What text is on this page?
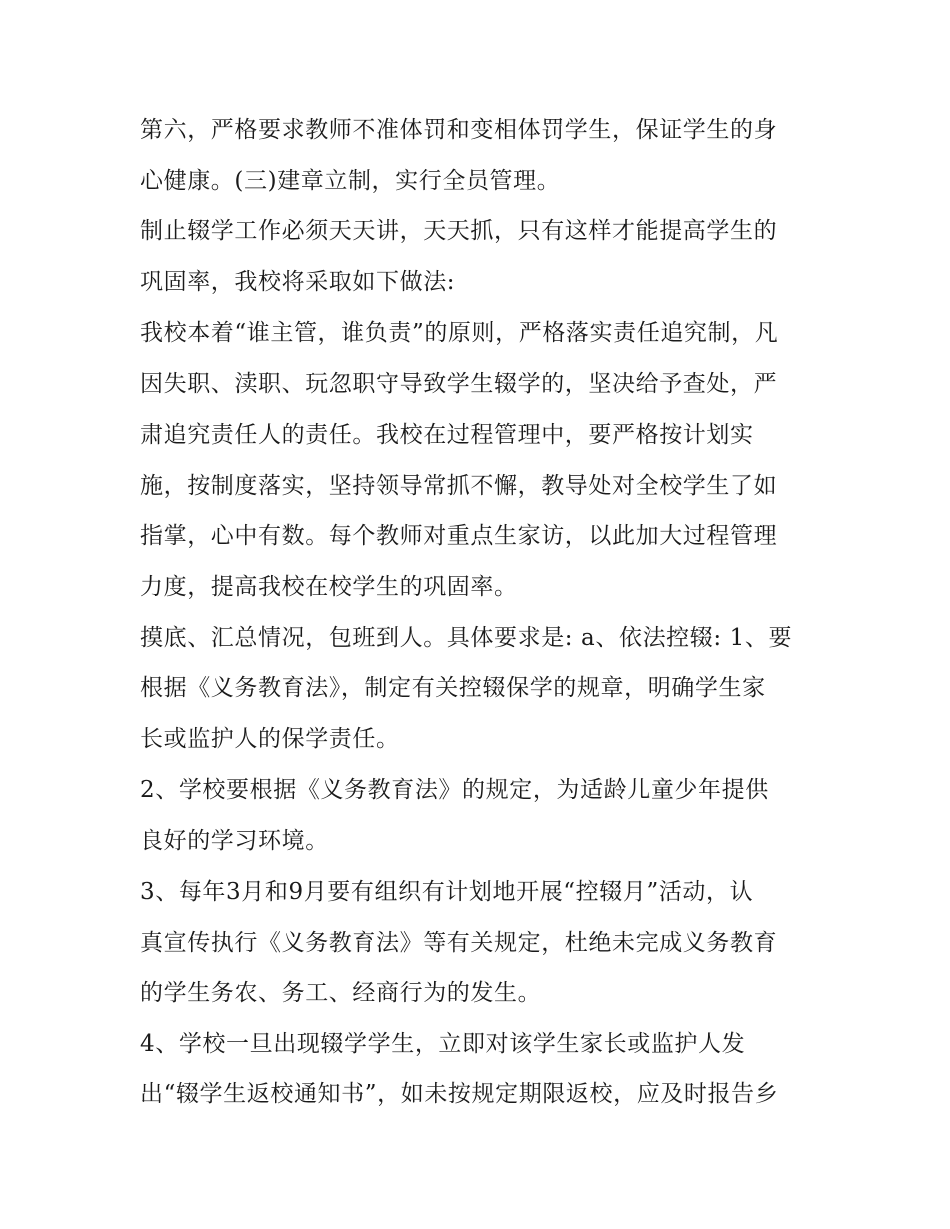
第六，严格要求教师不准体罚和变相体罚学生，保证学生的身
心健康。(三)建章立制，实行全员管理。
制止辍学工作必须天天讲，天天抓，只有这样才能提高学生的
巩固率，我校将采取如下做法:
我校本着“谁主管，谁负责”的原则，严格落实责任追究制，凡
因失职、渎职、玩忽职守导致学生辍学的，坚决给予查处，严
肃追究责任人的责任。我校在过程管理中，要严格按计划实
施，按制度落实，坚持领导常抓不懈，教导处对全校学生了如
指掌，心中有数。每个教师对重点生家访，以此加大过程管理
力度，提高我校在校学生的巩固率。
摸底、汇总情况，包班到人。具体要求是: a、依法控辍: 1、要
根据《义务教育法》，制定有关控辍保学的规章，明确学生家
长或监护人的保学责任。
2、学校要根据《义务教育法》的规定，为适龄儿童少年提供
良好的学习环境。
3、每年3月和9月要有组织有计划地开展“控辍月”活动，认
真宣传执行《义务教育法》等有关规定，杜绝未完成义务教育
的学生务农、务工、经商行为的发生。
4、学校一旦出现辍学学生，立即对该学生家长或监护人发
出“辍学生返校通知书”，如未按规定期限返校，应及时报告乡
